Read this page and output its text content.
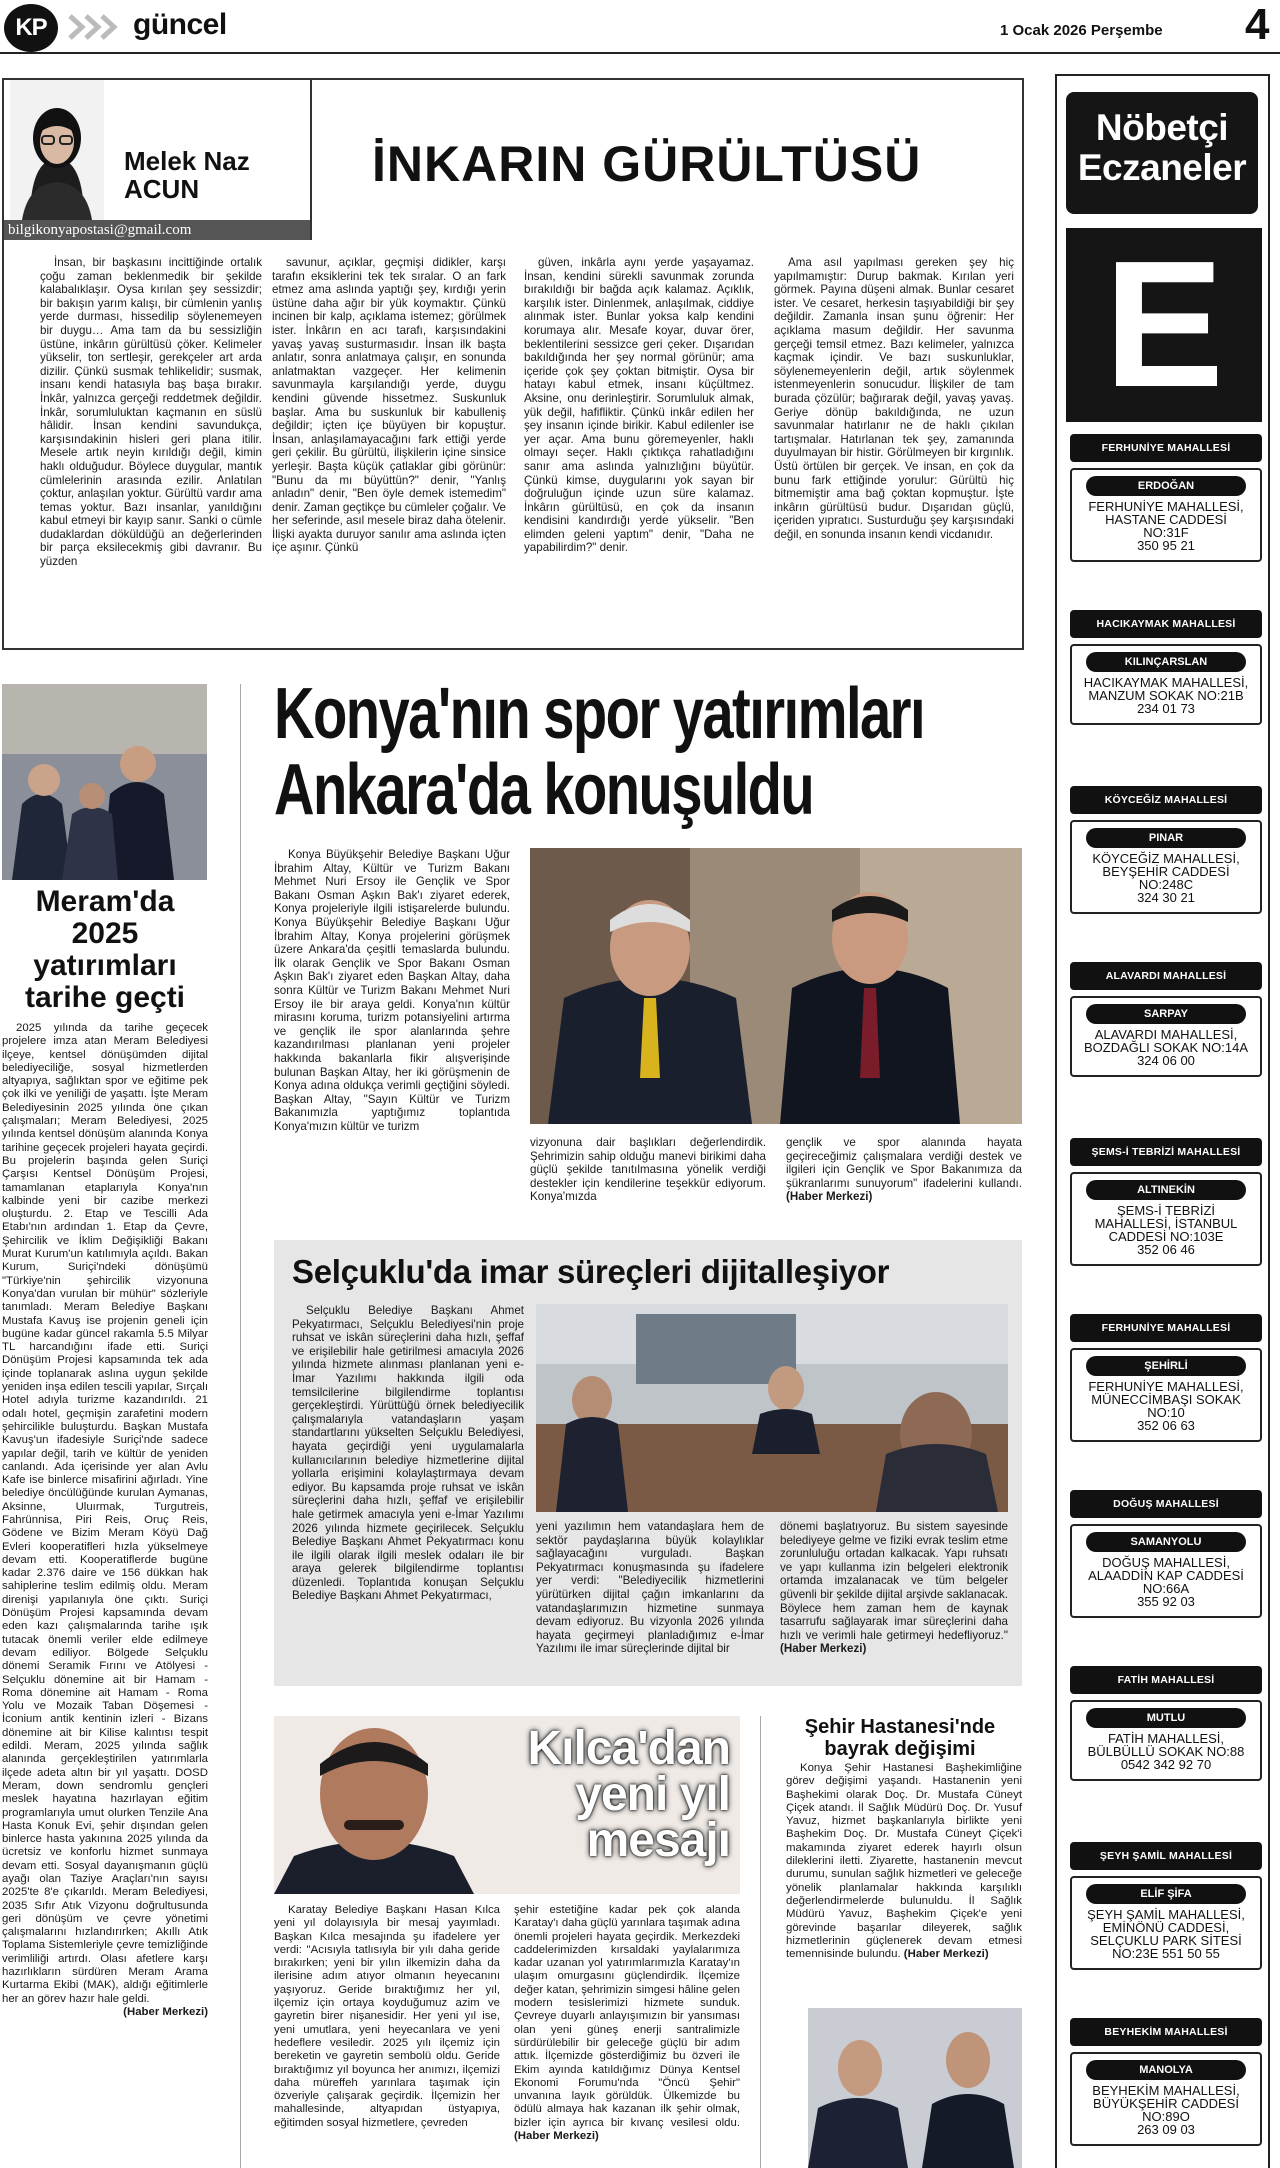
KP	güncel	1 Ocak 2026 Perşembe 4
Melek Naz
ACUN
bilgikonyapostasi@gmail.com
İNKARIN GÜRÜLTÜSÜ

İnsan, bir başkasını incittiğinde ortalık çoğu zaman beklenmedik bir şekilde kalabalıklaşır. Oysa kırılan şey sessizdir; bir bakışın yarım kalışı, bir cümlenin yanlış yerde durması, hissedilip söylenemeyen bir duygu… Ama tam da bu sessizliğin üstüne, inkârın gürültüsü çöker. Kelimeler yükselir, ton sertleşir, gerekçeler art arda dizilir. Çünkü susmak tehlikelidir; susmak, insanı kendi hatasıyla baş başa bırakır. İnkâr, yalnızca gerçeği reddetmek değildir. İnkâr, sorumluluktan kaçmanın en süslü hâlidir. İnsan kendini savundukça, karşısındakinin hisleri geri plana itilir. Mesele artık neyin kırıldığı değil, kimin haklı olduğudur. Böylece duygular, mantık cümlelerinin arasında ezilir. Anlatılan çoktur, anlaşılan yoktur. Gürültü vardır ama temas yoktur. Bazı insanlar, yanıldığını kabul etmeyi bir kayıp sanır. Sanki o cümle dudaklardan döküldüğü an değerlerinden bir parça eksilecekmiş gibi davranır. Bu yüzden

savunur, açıklar, geçmişi didikler, karşı tarafın eksiklerini tek tek sıralar. O an fark etmez ama aslında yaptığı şey, kırdığı yerin üstüne daha ağır bir yük koymaktır. Çünkü incinen bir kalp, açıklama istemez; görülmek ister. İnkârın en acı tarafı, karşısındakini yavaş yavaş susturmasıdır. İnsan ilk başta anlatır, sonra anlatmaya çalışır, en sonunda anlatmaktan vazgeçer. Her kelimenin savunmayla karşılandığı yerde, duygu kendini güvende hissetmez. Suskunluk başlar. Ama bu suskunluk bir kabulleniş değildir; içten içe büyüyen bir kopuştur. İnsan, anlaşılamayacağını fark ettiği yerde geri çekilir. Bu gürültü, ilişkilerin içine sinsice yerleşir. Başta küçük çatlaklar gibi görünür: "Bunu da mı büyüttün?" denir, "Yanlış anladın" denir, "Ben öyle demek istemedim" denir. Zaman geçtikçe bu cümleler çoğalır. Ve her seferinde, asıl mesele biraz daha ötelenir. İlişki ayakta duruyor sanılır ama aslında içten içe aşınır. Çünkü

güven, inkârla aynı yerde yaşayamaz. İnsan, kendini sürekli savunmak zorunda bırakıldığı bir bağda açık kalamaz. Açıklık, karşılık ister. Dinlenmek, anlaşılmak, ciddiye alınmak ister. Bunlar yoksa kalp kendini korumaya alır. Mesafe koyar, duvar örer, beklentilerini sessizce geri çeker. Dışarıdan bakıldığında her şey normal görünür; ama içeride çok şey çoktan bitmiştir. Oysa bir hatayı kabul etmek, insanı küçültmez. Aksine, onu derinleştirir. Sorumluluk almak, yük değil, hafifliktir. Çünkü inkâr edilen her şey insanın içinde birikir. Kabul edilenler ise yer açar. Ama bunu göremeyenler, haklı olmayı seçer. Haklı çıktıkça rahatladığını sanır ama aslında yalnızlığını büyütür. Çünkü kimse, duygularını yok sayan bir doğruluğun içinde uzun süre kalamaz. İnkârın gürültüsü, en çok da insanın kendisini kandırdığı yerde yükselir. "Ben elimden geleni yaptım" denir, "Daha ne yapabilirdim?" denir.

Ama asıl yapılması gereken şey hiç yapılmamıştır: Durup bakmak. Kırılan yeri görmek. Payına düşeni almak. Bunlar cesaret ister. Ve cesaret, herkesin taşıyabildiği bir şey değildir. Zamanla insan şunu öğrenir: Her açıklama masum değildir. Her savunma gerçeği temsil etmez. Bazı kelimeler, yalnızca kaçmak içindir. Ve bazı suskunluklar, söylenemeyenlerin değil, artık söylenmek istenmeyenlerin sonucudur. İlişkiler de tam burada çözülür; bağırarak değil, yavaş yavaş. Geriye dönüp bakıldığında, ne uzun savunmalar hatırlanır ne de haklı çıkılan tartışmalar. Hatırlanan tek şey, zamanında duyulmayan bir histir. Görülmeyen bir kırgınlık. Üstü örtülen bir gerçek. Ve insan, en çok da bunu fark ettiğinde yorulur: Gürültü hiç bitmemiştir ama bağ çoktan kopmuştur. İşte inkârın gürültüsü budur. Dışarıdan güçlü, içeriden yıpratıcı. Susturduğu şey karşısındaki değil, en sonunda insanın kendi vicdanıdır.

Meram'da
2025
yatırımları
tarihe geçti

2025 yılında da tarihe geçecek projelere imza atan Meram Belediyesi ilçeye, kentsel dönüşümden dijital belediyeciliğe, sosyal hizmetlerden altyapıya, sağlıktan spor ve eğitime pek çok ilki ve yeniliği de yaşattı. İşte Meram Belediyesinin 2025 yılında öne çıkan çalışmaları; Meram Belediyesi, 2025 yılında kentsel dönüşüm alanında Konya tarihine geçecek projeleri hayata geçirdi. Bu projelerin başında gelen Suriçi Çarşısı Kentsel Dönüşüm Projesi, tamamlanan etaplarıyla Konya'nın kalbinde yeni bir cazibe merkezi oluşturdu. 2. Etap ve Tescilli Ada Etabı'nın ardından 1. Etap da Çevre, Şehircilik ve İklim Değişikliği Bakanı Murat Kurum'un katılımıyla açıldı. Bakan Kurum, Suriçi'ndeki dönüşümü "Türkiye'nin şehircilik vizyonuna Konya'dan vurulan bir mühür" sözleriyle tanımladı. Meram Belediye Başkanı Mustafa Kavuş ise projenin geneli için bugüne kadar güncel rakamla 5.5 Milyar TL harcandığını ifade etti. Suriçi Dönüşüm Projesi kapsamında tek ada içinde toplanarak aslına uygun şekilde yeniden inşa edilen tescili yapılar, Sırçalı Hotel adıyla turizme kazandırıldı. 21 odalı hotel, geçmişin zarafetini modern şehircilikle buluşturdu. Başkan Mustafa Kavuş'un ifadesiyle Suriçi'nde sadece yapılar değil, tarih ve kültür de yeniden canlandı. Ada içerisinde yer alan Avlu Kafe ise binlerce misafirini ağırladı. Yine belediye öncülüğünde kurulan Aymanas, Aksinne, Uluırmak, Turgutreis, Fahrünnisa, Piri Reis, Oruç Reis, Gödene ve Bizim Meram Köyü Dağ Evleri kooperatifleri hızla yükselmeye devam etti. Kooperatiflerde bugüne kadar 2.376 daire ve 156 dükkan hak sahiplerine teslim edilmiş oldu. Meram direnişi yapılanıyla öne çıktı. Suriçi Dönüşüm Projesi kapsamında devam eden kazı çalışmalarında tarihe ışık tutacak önemli veriler elde edilmeye devam ediliyor. Bölgede Selçuklu dönemi Seramik Fırını ve Atölyesi - Selçuklu dönemine ait bir Hamam - Roma dönemine ait Hamam - Roma Yolu ve Mozaik Taban Döşemesi - İconium antik kentinin izleri - Bizans dönemine ait bir Kilise kalıntısı tespit edildi. Meram, 2025 yılında sağlık alanında gerçekleştirilen yatırımlarla ilçede adeta altın bir yıl yaşattı. DOSD Meram, down sendromlu gençleri meslek hayatına hazırlayan eğitim programlarıyla umut olurken Tenzile Ana Hasta Konuk Evi, şehir dışından gelen binlerce hasta yakınına 2025 yılında da ücretsiz ve konforlu hizmet sunmaya devam etti. Sosyal dayanışmanın güçlü ayağı olan Taziye Araçları'nın sayısı 2025'te 8'e çıkarıldı. Meram Belediyesi, 2035 Sıfır Atık Vizyonu doğrultusunda geri dönüşüm ve çevre yönetimi çalışmalarını hızlandırırken; Akıllı Atık Toplama Sistemleriyle çevre temizliğinde verimliliği artırdı. Olası afetlere karşı hazırlıkların sürdüren Meram Arama Kurtarma Ekibi (MAK), aldığı eğitimlerle her an görev hazır hale geldi.

(Haber Merkezi)
Konya'nın spor yatırımları
Ankara'da konuşuldu

Konya Büyükşehir Belediye Başkanı Uğur İbrahim Altay, Kültür ve Turizm Bakanı Mehmet Nuri Ersoy ile Gençlik ve Spor Bakanı Osman Aşkın Bak'ı ziyaret ederek, Konya projeleriyle ilgili istişarelerde bulundu. Konya Büyükşehir Belediye Başkanı Uğur İbrahim Altay, Konya projelerini görüşmek üzere Ankara'da çeşitli temaslarda bulundu. İlk olarak Gençlik ve Spor Bakanı Osman Aşkın Bak'ı ziyaret eden Başkan Altay, daha sonra Kültür ve Turizm Bakanı Mehmet Nuri Ersoy ile bir araya geldi. Konya'nın kültür mirasını koruma, turizm potansiyelini artırma ve gençlik ile spor alanlarında şehre kazandırılması planlanan yeni projeler hakkında bakanlarla fikir alışverişinde bulunan Başkan Altay, her iki görüşmenin de Konya adına oldukça verimli geçtiğini söyledi. Başkan Altay, "Sayın Kültür ve Turizm Bakanımızla yaptığımız toplantıda Konya'mızın kültür ve turizm

vizyonuna dair başlıkları değerlendirdik. Şehrimizin sahip olduğu manevi birikimi daha güçlü şekilde tanıtılmasına yönelik verdiği destekler için kendilerine teşekkür ediyorum. Konya'mızda

gençlik ve spor alanında hayata geçireceğimiz çalışmalara verdiği destek ve ilgileri için Gençlik ve Spor Bakanımıza da şükranlarımı sunuyorum" ifadelerini kullandı. (Haber Merkezi)

Selçuklu'da imar süreçleri dijitalleşiyor

Selçuklu Belediye Başkanı Ahmet Pekyatırmacı, Selçuklu Belediyesi'nin proje ruhsat ve iskân süreçlerini daha hızlı, şeffaf ve erişilebilir hale getirilmesi amacıyla 2026 yılında hizmete alınması planlanan yeni e-İmar Yazılımı hakkında ilgili oda temsilcilerine bilgilendirme toplantısı gerçekleştirdi. Yürüttüğü örnek belediyecilik çalışmalarıyla vatandaşların yaşam standartlarını yükselten Selçuklu Belediyesi, hayata geçirdiği yeni uygulamalarla kullanıcılarının belediye hizmetlerine dijital yollarla erişimini kolaylaştırmaya devam ediyor. Bu kapsamda proje ruhsat ve iskân süreçlerini daha hızlı, şeffaf ve erişilebilir hale getirmek amacıyla yeni e-İmar Yazılımı 2026 yılında hizmete geçirilecek. Selçuklu Belediye Başkanı Ahmet Pekyatırmacı konu ile ilgili olarak ilgili meslek odaları ile bir araya gelerek bilgilendirme toplantısı düzenledi. Toplantıda konuşan Selçuklu Belediye Başkanı Ahmet Pekyatırmacı,

yeni yazılımın hem vatandaşlara hem de sektör paydaşlarına büyük kolaylıklar sağlayacağını vurguladı. Başkan Pekyatırmacı konuşmasında şu ifadelere yer verdi: "Belediyecilik hizmetlerini yürütürken dijital çağın imkanlarını da vatandaşlarımızın hizmetine sunmaya devam ediyoruz. Bu vizyonla 2026 yılında hayata geçirmeyi planladığımız e-İmar Yazılımı ile imar süreçlerinde dijital bir

dönemi başlatıyoruz. Bu sistem sayesinde belediyeye gelme ve fiziki evrak teslim etme zorunluluğu ortadan kalkacak. Yapı ruhsatı ve yapı kullanma izin belgeleri elektronik ortamda imzalanacak ve tüm belgeler güvenli bir şekilde dijital arşivde saklanacak. Böylece hem zaman hem de kaynak tasarrufu sağlayarak imar süreçlerini daha hızlı ve verimli hale getirmeyi hedefliyoruz." (Haber Merkezi)

Kılca'dan
yeni yıl
mesajı

Karatay Belediye Başkanı Hasan Kılca yeni yıl dolayısıyla bir mesaj yayımladı. Başkan Kılca mesajında şu ifadelere yer verdi: "Acısıyla tatlısıyla bir yılı daha geride bırakırken; yeni bir yılın ilkemizin daha da ilerisine adım atıyor olmanın heyecanını yaşıyoruz. Geride bıraktığımız her yıl, ilçemiz için ortaya koyduğumuz azim ve gayretin birer nişanesidir. Her yeni yıl ise, yeni umutlara, yeni heyecanlara ve yeni hedeflere vesiledir. 2025 yılı ilçemiz için bereketin ve gayretin sembolü oldu. Geride bıraktığımız yıl boyunca her anımızı, ilçemizi daha müreffeh yarınlara taşımak için özveriyle çalışarak geçirdik. İlçemizin her mahallesinde, altyapıdan üstyapıya, eğitimden sosyal hizmetlere, çevreden

şehir estetiğine kadar pek çok alanda Karatay'ı daha güçlü yarınlara taşımak adına önemli projeleri hayata geçirdik. Merkezdeki caddelerimizden kırsaldaki yaylalarımıza kadar uzanan yol yatırımlarımızla Karatay'ın ulaşım omurgasını güçlendirdik. İlçemize değer katan, şehrimizin simgesi hâline gelen modern tesislerimizi hizmete sunduk. Çevreye duyarlı anlayışımızın bir yansıması olan yeni güneş enerji santralimizle sürdürülebilir bir geleceğe güçlü bir adım attık. İlçemizde gösterdiğimiz bu özveri ile Ekim ayında katıldığımız Dünya Kentsel Ekonomi Forumu'nda "Öncü Şehir" unvanına layık görüldük. Ülkemizde bu ödülü almaya hak kazanan ilk şehir olmak, bizler için ayrıca bir kıvanç vesilesi oldu. (Haber Merkezi)

Şehir Hastanesi'nde
bayrak değişimi

Konya Şehir Hastanesi Başhekimliğine görev değişimi yaşandı. Hastanenin yeni Başhekimi olarak Doç. Dr. Mustafa Cüneyt Çiçek atandı. İl Sağlık Müdürü Doç. Dr. Yusuf Yavuz, hizmet başkanlarıyla birlikte yeni Başhekim Doç. Dr. Mustafa Cüneyt Çiçek'i makamında ziyaret ederek hayırlı olsun dileklerini iletti. Ziyarette, hastanenin mevcut durumu, sunulan sağlık hizmetleri ve geleceğe yönelik planlamalar hakkında karşılıklı değerlendirmelerde bulunuldu. İl Sağlık Müdürü Yavuz, Başhekim Çiçek'e yeni görevinde başarılar dileyerek, sağlık hizmetlerinin güçlenerek devam etmesi temennisinde bulundu. (Haber Merkezi)

Nöbetçi
Eczaneler
E
FERHUNİYE MAHALLESİ
ERDOĞAN
FERHUNİYE MAHALLESİ,
HASTANE CADDESİ
NO:31F
350 95 21
HACIKAYMAK MAHALLESİ
KILINÇARSLAN
HACIKAYMAK MAHALLESİ,
MANZUM SOKAK NO:21B
234 01 73
KÖYCEĞİZ MAHALLESİ
PINAR
KÖYCEĞİZ MAHALLESİ,
BEYŞEHİR CADDESİ
NO:248C
324 30 21
ALAVARDI MAHALLESİ
SARPAY
ALAVARDI MAHALLESİ,
BOZDAĞLI SOKAK NO:14A
324 06 00
ŞEMS-İ TEBRİZİ MAHALLESİ
ALTINEKİN
ŞEMS-İ TEBRİZİ
MAHALLESİ, İSTANBUL
CADDESİ NO:103E
352 06 46
FERHUNİYE MAHALLESİ
ŞEHİRLİ
FERHUNİYE MAHALLESİ,
MÜNECCİMBAŞI SOKAK
NO:10
352 06 63
DOĞUŞ MAHALLESİ
SAMANYOLU
DOĞUŞ MAHALLESİ,
ALAADDİN KAP CADDESİ
NO:66A
355 92 03
FATİH MAHALLESİ
MUTLU
FATİH MAHALLESİ,
BÜLBÜLLÜ SOKAK NO:88
0542 342 92 70
ŞEYH ŞAMİL MAHALLESİ
ELİF ŞİFA
ŞEYH ŞAMİL MAHALLESİ,
EMİNÖNÜ CADDESİ,
SELÇUKLU PARK SİTESİ
NO:23E 551 50 55
BEYHEKİM MAHALLESİ
MANOLYA
BEYHEKİM MAHALLESİ,
BÜYÜKŞEHİR CADDESİ
NO:89O
263 09 03
